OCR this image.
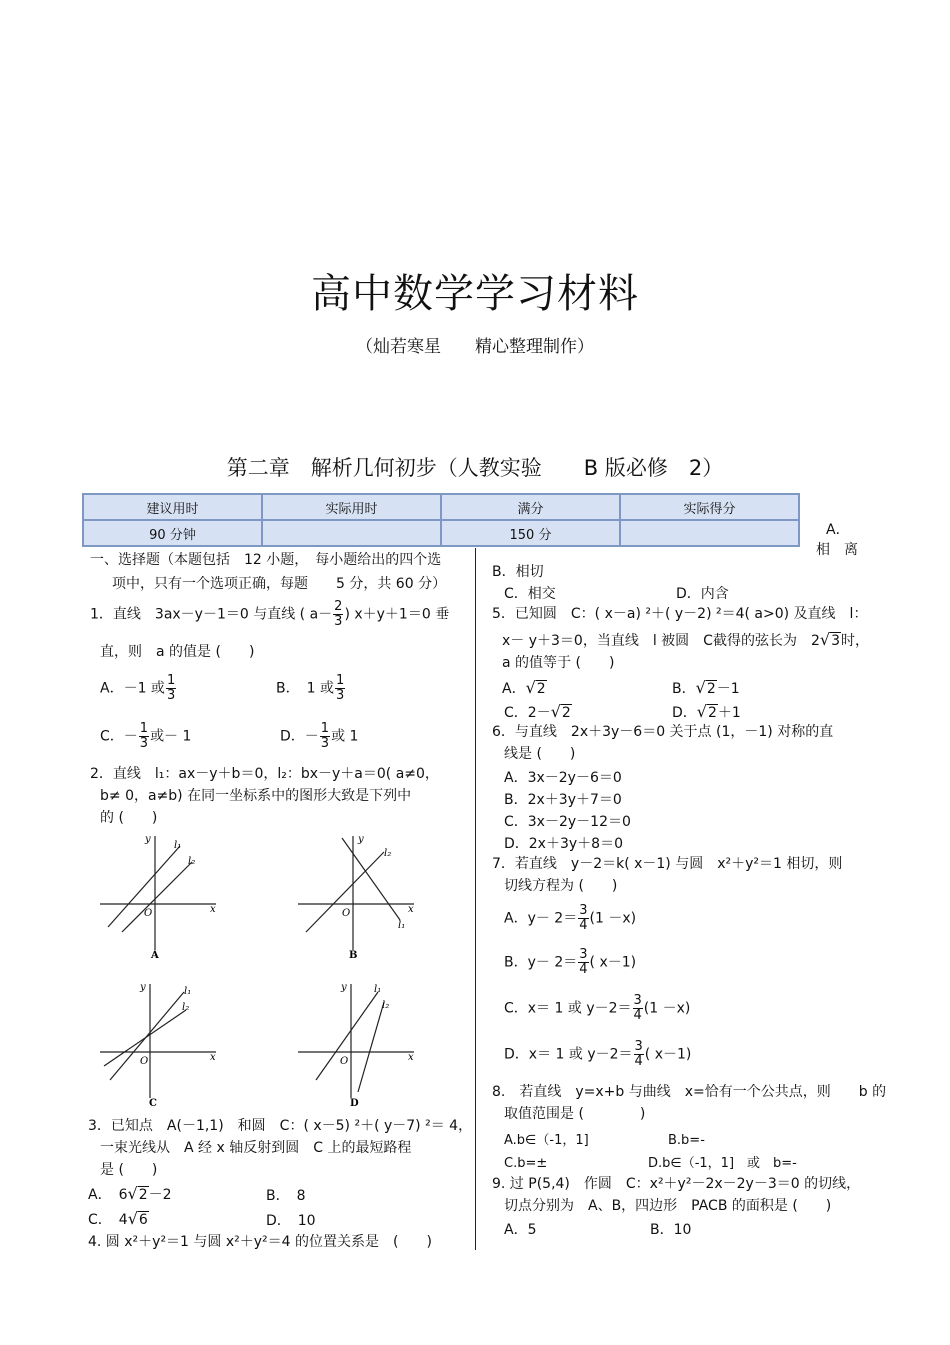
高中数学学习材料
（灿若寒星　　精心整理制作）
第二章　解析几何初步（人教实验　　B 版必修　2）
建议用时	实际用时	满分	实际得分
90 分钟		150 分	
一、选择题（本题包括　12 小题，　每小题给出的四个选
项中，只有一个选项正确，每题　　5 分，共 60 分）
1．直线　3ax－y－1＝0 与直线 ( $a- \frac{2}{3}$ ) x＋y＋1＝0 垂
直，则　a 的值是 (　　)
A．－1 或 $\frac{1}{3}$	B．　1 或 $\frac{1}{3}$
C．－ $\frac{1}{3}$ 或－ 1	D．－ $\frac{1}{3}$ 或 1
2．直线　l₁：ax－y＋b＝0，l₂：bx－y＋a＝0( a≠0，
b≠ 0，a≠b) 在同一坐标系中的图形大致是下列中
的 (　　)
y
x
O
l₁
l₂
A
y
x
O
l₁
l₂
B
y
x
O
l₁
l₂
C
y
x
O
l₁
l₂
D
3．已知点　A(－1,1)　和圆　C：( x－5) ²＋( y－7) ²＝ 4，
一束光线从　A 经 x 轴反射到圆　C 上的最短路程
是 (　　)
A．　6√2－2	B．　8
C．　4√6	D．　10
4. 圆 x²＋y²＝1 与圆 x²＋y²＝4 的位置关系是　(　　)
A．
相　离
B．相切
C．相交	D．内含
5．已知圆　C：( x－a) ²＋( y－2) ²＝4( a>0) 及直线　l：
x－ y＋3＝0，当直线　l 被圆　C截得的弦长为　2√3时，
a 的值等于 (　　)
A．√2	B．√2－1
C．2－√2	D．√2＋1
6．与直线　2x＋3y－6＝0 关于点 (1，－1) 对称的直
线是 (　　)
A．3x－2y－6＝0
B．2x＋3y＋7＝0
C．3x－2y－12＝0
D．2x＋3y＋8＝0
7．若直线　y－2＝k( x－1) 与圆　x²＋y²＝1 相切，则
切线方程为 (　　)
A．$y- 2= \frac{3}{4} (1 -x)$
B．$y- 2= \frac{3}{4}$ ( x－1)
C．x＝ 1 或 $y-2= \frac{3}{4} (1 -x)$
D．x＝ 1 或 $y-2= \frac{3}{4}$ ( x－1)
8.　若直线　y=x+b 与曲线　x=恰有一个公共点，则　　b 的
取值范围是 (　　　　)
A.b∈（-1，1]	B.b=-
C.b=±	D.b∈（-1，1]　或　b=-
9. 过 P(5,4)　作圆　C：x²＋y²－2x－2y－3＝0 的切线，
切点分别为　A、B，四边形　PACB 的面积是 (　　)
A．5	B．10
